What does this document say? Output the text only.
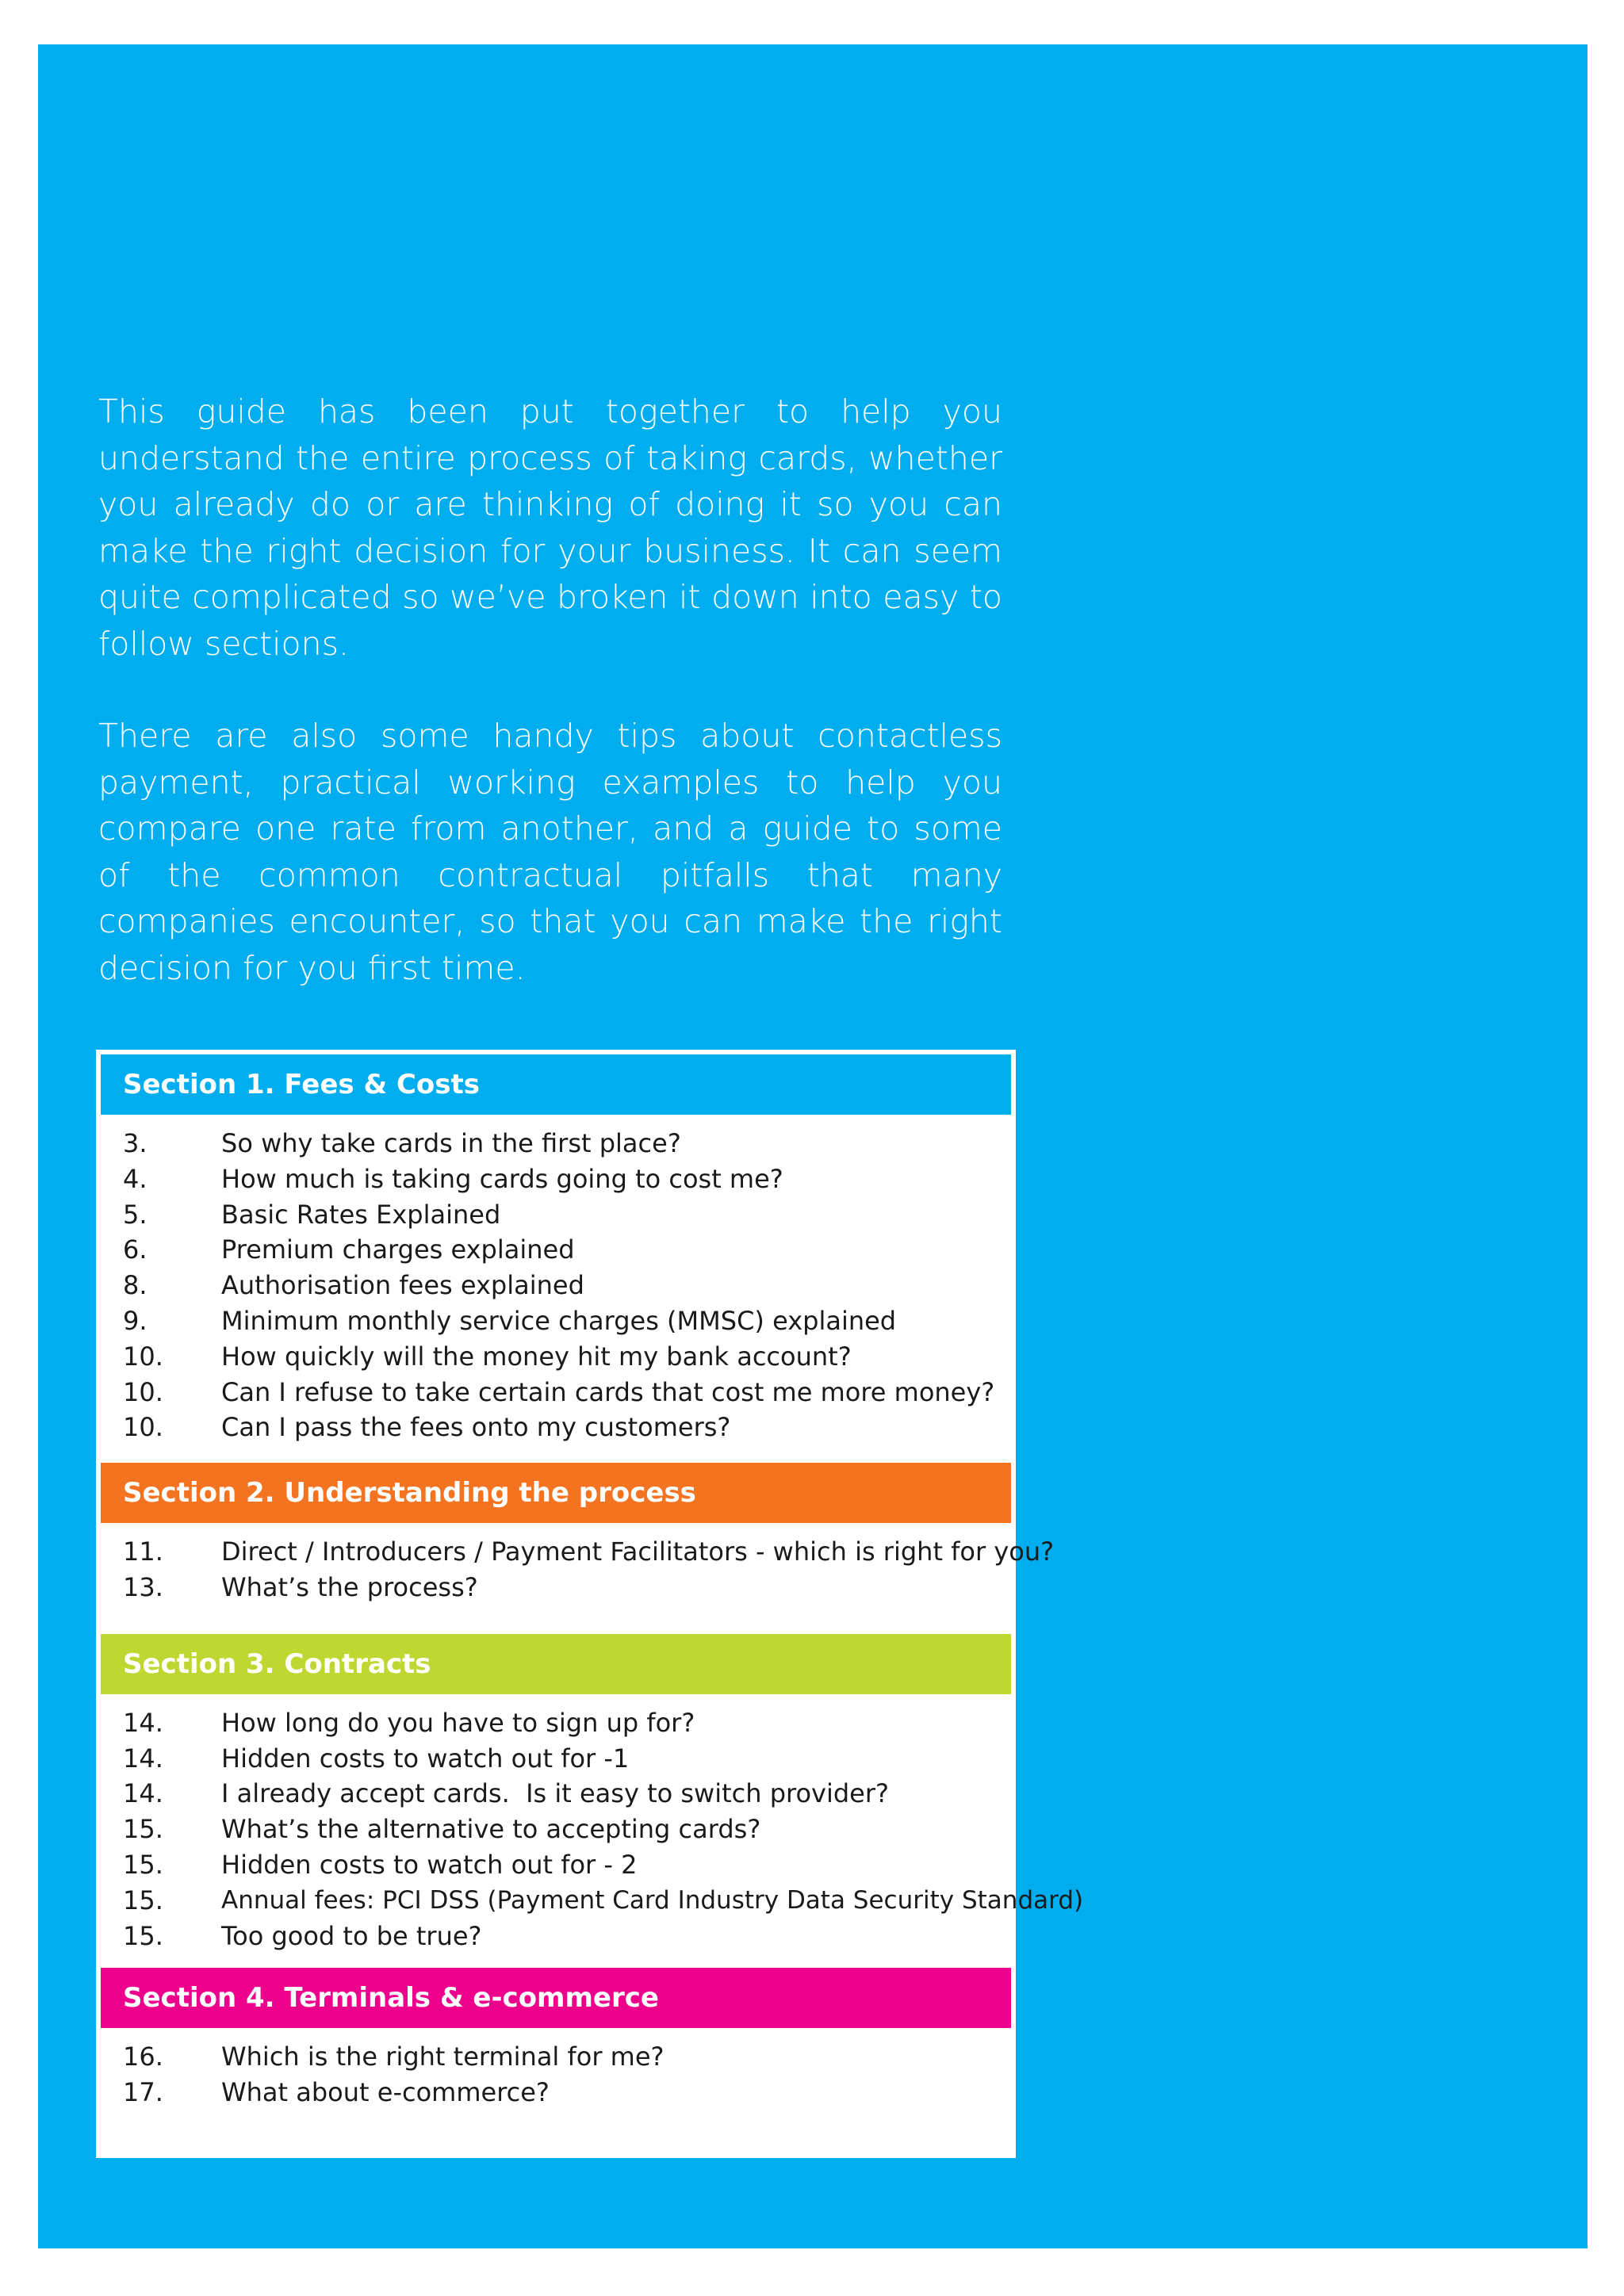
This guide has been put together to help you understand the entire process of taking cards, whether you already do or are thinking of doing it so you can make the right decision for your business. It can seem quite complicated so we’ve broken it down into easy to follow sections.

There are also some handy tips about contactless payment, practical working examples to help you compare one rate from another, and a guide to some of the common contractual pitfalls that many companies encounter, so that you can make the right decision for you first time.

Section 1. Fees & Costs
3.	So why take cards in the first place?
4.	How much is taking cards going to cost me?
5.	Basic Rates Explained
6.	Premium charges explained
8.	Authorisation fees explained
9.	Minimum monthly service charges (MMSC) explained
10.	How quickly will the money hit my bank account?
10.	Can I refuse to take certain cards that cost me more money?
10.	Can I pass the fees onto my customers?
Section 2. Understanding the process
11.	Direct / Introducers / Payment Facilitators - which is right for you?
13.	What’s the process?
Section 3. Contracts
14.	How long do you have to sign up for?
14.	Hidden costs to watch out for -1
14.	I already accept cards.  Is it easy to switch provider?
15.	What’s the alternative to accepting cards?
15.	Hidden costs to watch out for - 2
15.	Annual fees: PCI DSS (Payment Card Industry Data Security Standard)
15.	Too good to be true?
Section 4. Terminals & e-commerce
16.	Which is the right terminal for me?
17.	What about e-commerce?
